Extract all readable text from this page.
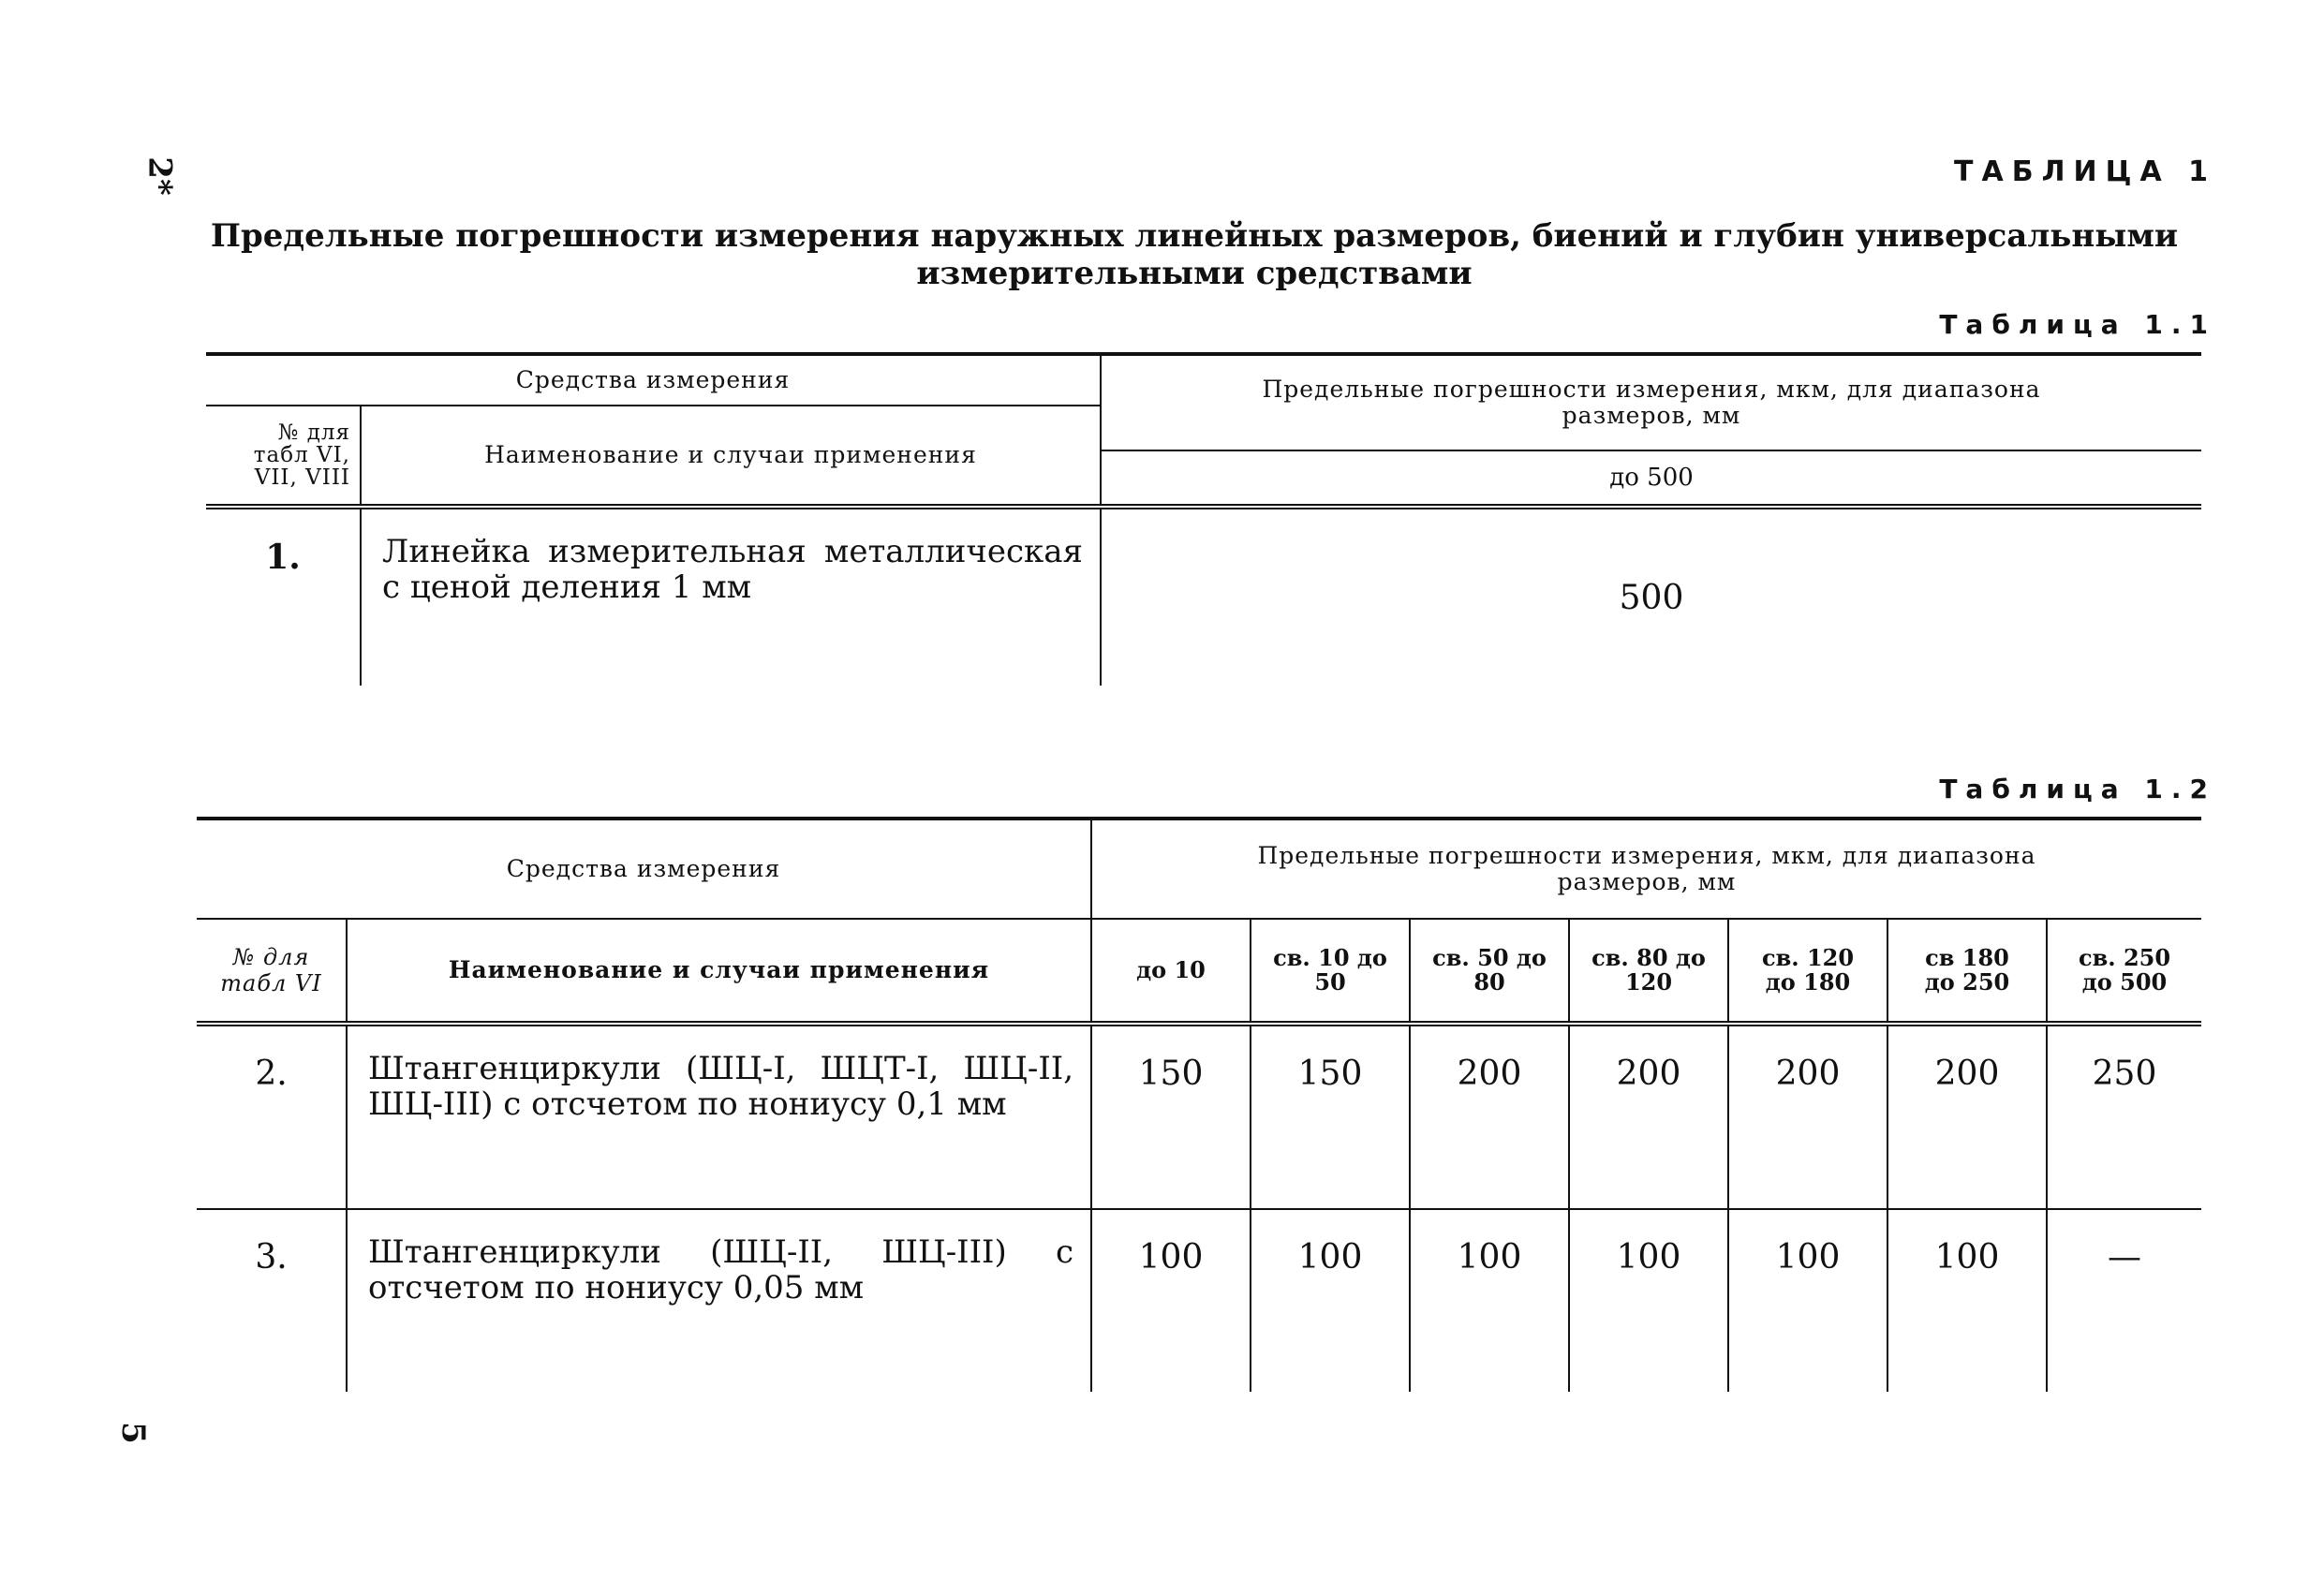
2*
5
ТАБЛИЦА 1
Предельные погрешности измерения наружных линейных размеров, биений и глубин универсальными измерительными средствами
Таблица 1.1
Средства измерения		Предельные погрешности измерения, мкм, для диапазона размеров, мм
№ для табл VI, VII, VIII	Наименование и случаи применения	
		до 500
1.	Линейка измерительная металлическая с ценой деления 1 мм	500
Таблица 1.2
Средства измерения		Предельные погрешности измерения, мкм, для диапазона размеров, мм						
№ для табл VI	Наименование и случаи применения	до 10	св. 10 до 50	св. 50 до 80	св. 80 до 120	св. 120 до 180	св 180 до 250	св. 250 до 500
2.	Штангенциркули (ШЦ-I, ШЦТ-I, ШЦ-II, ШЦ-III) с отсчетом по нониусу 0,1 мм	150	150	200	200	200	200	250
3.	Штангенциркули (ШЦ-II, ШЦ-III) с отсчетом по нониусу 0,05 мм	100	100	100	100	100	100	—
